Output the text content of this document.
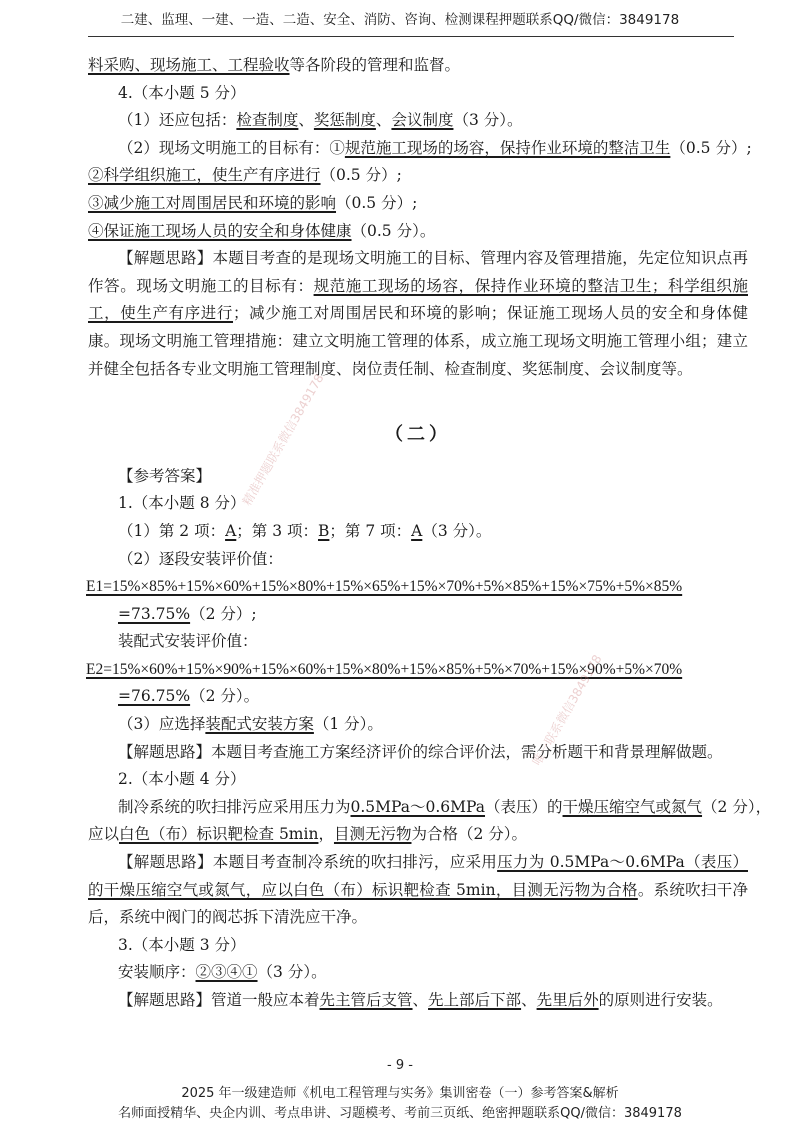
二建、监理、一建、一造、二造、安全、消防、咨询、检测课程押题联系QQ/微信：3849178

料采购、现场施工、工程验收等各阶段的管理和监督。

4.（本小题 5 分）

（1）还应包括：检查制度、奖惩制度、会议制度（3 分）。

（2）现场文明施工的目标有：①规范施工现场的场容，保持作业环境的整洁卫生（0.5 分）;

②科学组织施工，使生产有序进行（0.5 分）;

③减少施工对周围居民和环境的影响（0.5 分）;

④保证施工现场人员的安全和身体健康（0.5 分）。

【解题思路】本题目考查的是现场文明施工的目标、管理内容及管理措施，先定位知识点再作答。现场文明施工的目标有：规范施工现场的场容，保持作业环境的整洁卫生；科学组织施工，使生产有序进行；减少施工对周围居民和环境的影响；保证施工现场人员的安全和身体健康。现场文明施工管理措施：建立文明施工管理的体系，成立施工现场文明施工管理小组；建立并健全包括各专业文明施工管理制度、岗位责任制、检查制度、奖惩制度、会议制度等。

（二）

【参考答案】

1.（本小题 8 分）

（1）第 2 项：A；第 3 项：B；第 7 项：A（3 分）。

（2）逐段安装评价值：

E1=15%×85%+15%×60%+15%×80%+15%×65%+15%×70%+5%×85%+15%×75%+5%×85%

=73.75%（2 分）;

装配式安装评价值：

E2=15%×60%+15%×90%+15%×60%+15%×80%+15%×85%+5%×70%+15%×90%+5%×70%

=76.75%（2 分）。

（3）应选择装配式安装方案（1 分）。

【解题思路】本题目考查施工方案经济评价的综合评价法，需分析题干和背景理解做题。

2.（本小题 4 分）

制冷系统的吹扫排污应采用压力为0.5MPa～0.6MPa（表压）的干燥压缩空气或氮气（2 分），

应以白色（布）标识靶检查 5min，目测无污物为合格（2 分）。

【解题思路】本题目考查制冷系统的吹扫排污，应采用压力为 0.5MPa～0.6MPa（表压）的干燥压缩空气或氮气，应以白色（布）标识靶检查 5min，目测无污物为合格。系统吹扫干净后，系统中阀门的阀芯拆下清洗应干净。

3.（本小题 3 分）

安装顺序：②③④①（3 分）。

【解题思路】管道一般应本着先主管后支管、先上部后下部、先里后外的原则进行安装。

精准押题联系微信3849178
唯一联系微信3849178
- 9 -
2025 年一级建造师《机电工程管理与实务》集训密卷（一）参考答案&解析
名师面授精华、央企内训、考点串讲、习题模考、考前三页纸、绝密押题联系QQ/微信：3849178
